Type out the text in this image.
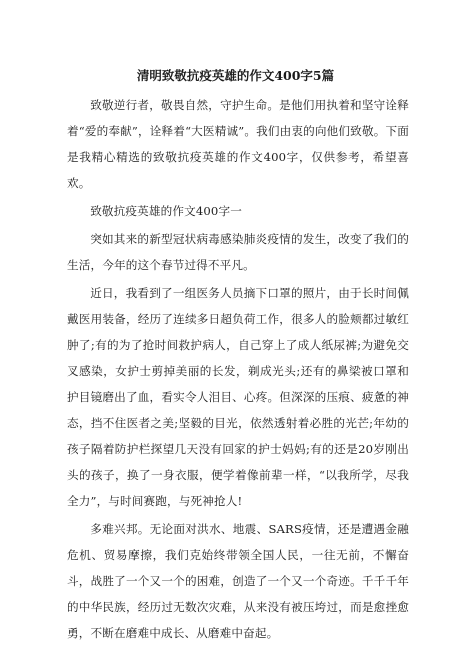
清明致敬抗疫英雄的作文400字5篇

致敬逆行者，敬畏自然，守护生命。是他们用执着和坚守诠释着“爱的奉献”，诠释着“大医精诚”。我们由衷的向他们致敬。下面是我精心精选的致敬抗疫英雄的作文400字，仅供参考，希望喜欢。

致敬抗疫英雄的作文400字一

突如其来的新型冠状病毒感染肺炎疫情的发生，改变了我们的生活，今年的这个春节过得不平凡。

近日，我看到了一组医务人员摘下口罩的照片，由于长时间佩戴医用装备，经历了连续多日超负荷工作，很多人的脸颊都过敏红肿了;有的为了抢时间救护病人，自己穿上了成人纸尿裤;为避免交叉感染，女护士剪掉美丽的长发，剃成光头;还有的鼻梁被口罩和护目镜磨出了血，看实令人泪目、心疼。但深深的压痕、疲惫的神态，挡不住医者之美;坚毅的目光，依然透射着必胜的光芒;年幼的孩子隔着防护栏探望几天没有回家的护士妈妈;有的还是20岁刚出头的孩子，换了一身衣服，便学着像前辈一样，“以我所学，尽我全力”，与时间赛跑，与死神抢人!

多难兴邦。无论面对洪水、地震、SARS疫情，还是遭遇金融危机、贸易摩擦，我们克始终带领全国人民，一往无前，不懈奋斗，战胜了一个又一个的困难，创造了一个又一个奇迹。千千千年的中华民族，经历过无数次灾难，从来没有被压垮过，而是愈挫愈勇，不断在磨难中成长、从磨难中奋起。
